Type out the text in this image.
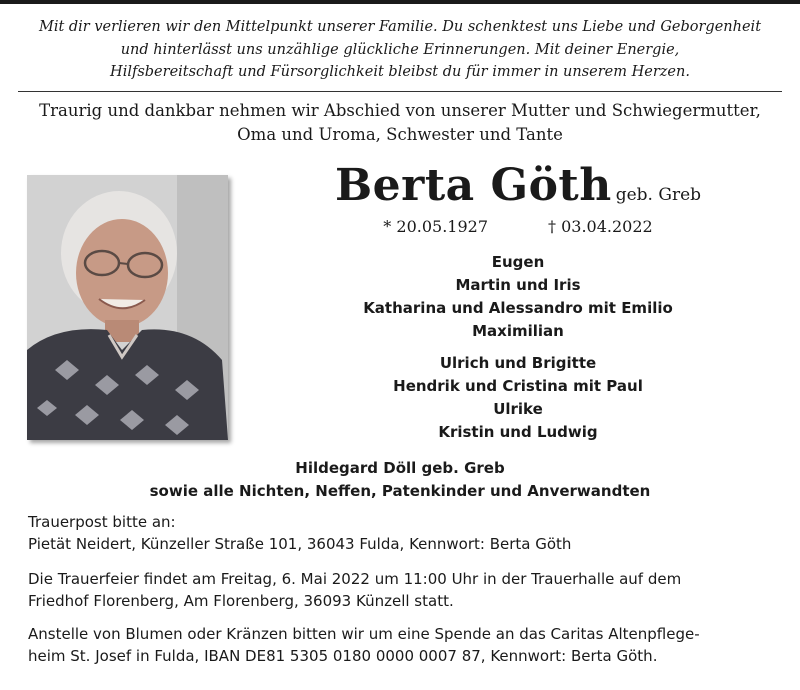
Mit dir verlieren wir den Mittelpunkt unserer Familie. Du schenktest uns Liebe und Geborgenheit
und hinterlässt uns unzählige glückliche Erinnerungen. Mit deiner Energie,
Hilfsbereitschaft und Fürsorglichkeit bleibst du für immer in unserem Herzen.
Traurig und dankbar nehmen wir Abschied von unserer Mutter und Schwiegermutter,
Oma und Uroma, Schwester und Tante
Berta Göth geb. Greb
* 20.05.1927	† 03.04.2022
Eugen
Martin und Iris
Katharina und Alessandro mit Emilio
Maximilian
Ulrich und Brigitte
Hendrik und Cristina mit Paul
Ulrike
Kristin und Ludwig
Hildegard Döll geb. Greb
sowie alle Nichten, Neffen, Patenkinder und Anverwandten
Trauerpost bitte an:
Pietät Neidert, Künzeller Straße 101, 36043 Fulda, Kennwort: Berta Göth
Die Trauerfeier findet am Freitag, 6. Mai 2022 um 11:00 Uhr in der Trauerhalle auf dem
Friedhof Florenberg, Am Florenberg, 36093 Künzell statt.
Anstelle von Blumen oder Kränzen bitten wir um eine Spende an das Caritas Altenpflege-
heim St. Josef in Fulda, IBAN DE81 5305 0180 0000 0007 87, Kennwort: Berta Göth.
